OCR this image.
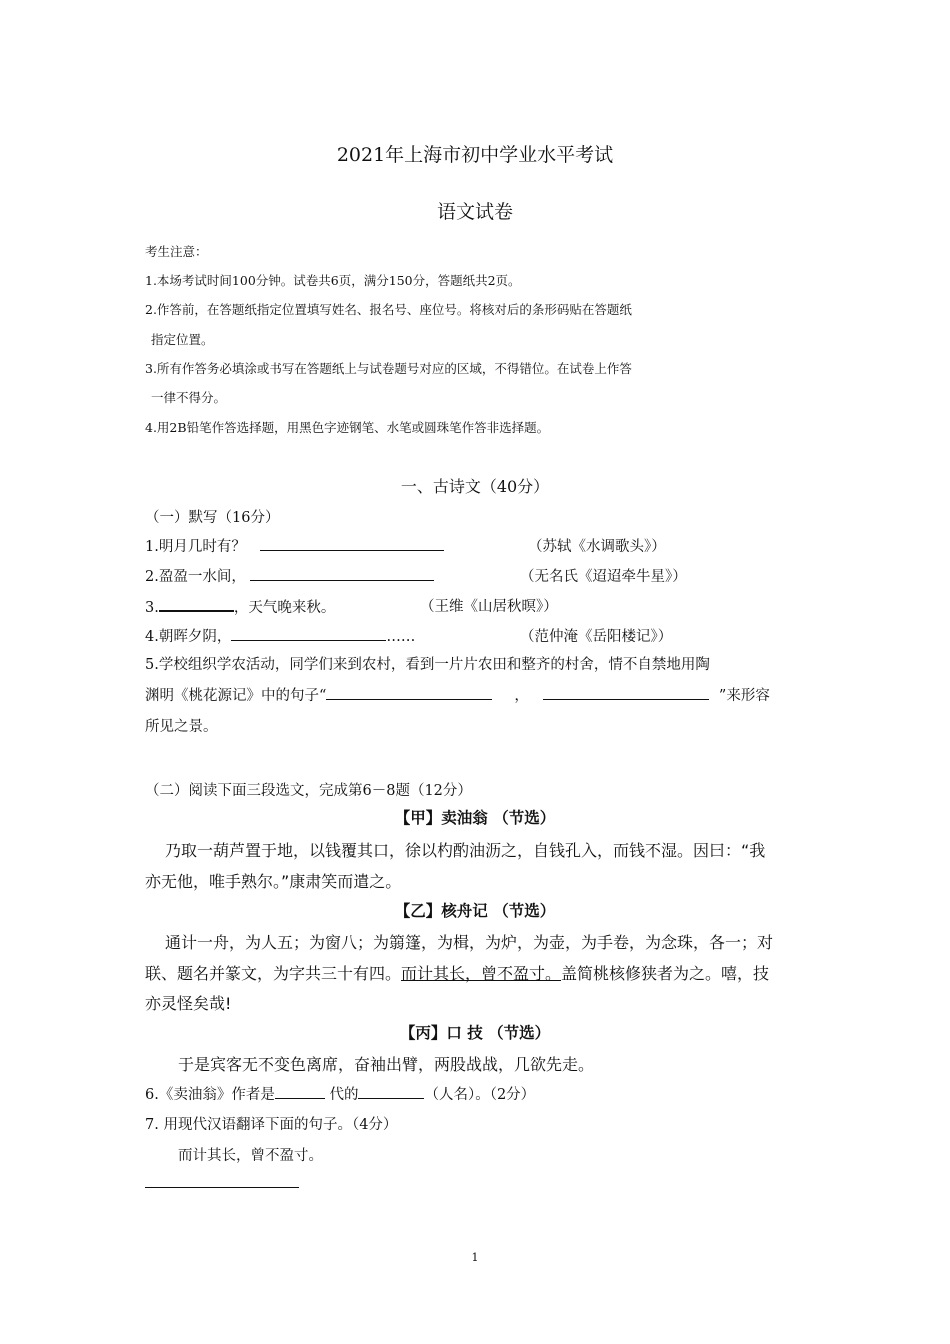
2021年上海市初中学业水平考试
语文试卷
考生注意：
1.本场考试时间100分钟。试卷共6页，满分150分，答题纸共2页。
2.作答前，在答题纸指定位置填写姓名、报名号、座位号。将核对后的条形码贴在答题纸
指定位置。
3.所有作答务必填涂或书写在答题纸上与试卷题号对应的区域，不得错位。在试卷上作答
一律不得分。
4.用2B铅笔作答选择题，用黑色字迹钢笔、水笔或圆珠笔作答非选择题。
一、古诗文（40分）
（一）默写（16分）
1.明月几时有？	（苏轼《水调歌头》）
2.盈盈一水间，	（无名氏《迢迢牵牛星》）
3.	，天气晚来秋。	（王维《山居秋暝》）
4.朝晖夕阴，	……	（范仲淹《岳阳楼记》）
5.学校组织学农活动，同学们来到农村，看到一片片农田和整齐的村舍，情不自禁地用陶
渊明《桃花源记》中的句子“	，	”来形容
所见之景。
（二）阅读下面三段选文，完成第6－8题（12分）
【甲】卖油翁 （节选）
乃取一葫芦置于地，以钱覆其口，徐以杓酌油沥之，自钱孔入，而钱不湿。因曰：“我
亦无他，唯手熟尔。”康肃笑而遣之。
【乙】核舟记 （节选）
通计一舟，为人五；为窗八；为篛篷，为楫，为炉，为壶，为手卷，为念珠，各一；对
联、题名并篆文，为字共三十有四。而计其长，曾不盈寸。盖简桃核修狭者为之。嘻，技
亦灵怪矣哉!
【丙】口 技 （节选）
于是宾客无不变色离席，奋袖出臂，两股战战，几欲先走。
6.《卖油翁》作者是	代的	（人名）。（2分）
7. 用现代汉语翻译下面的句子。（4分）
而计其长，曾不盈寸。
1
